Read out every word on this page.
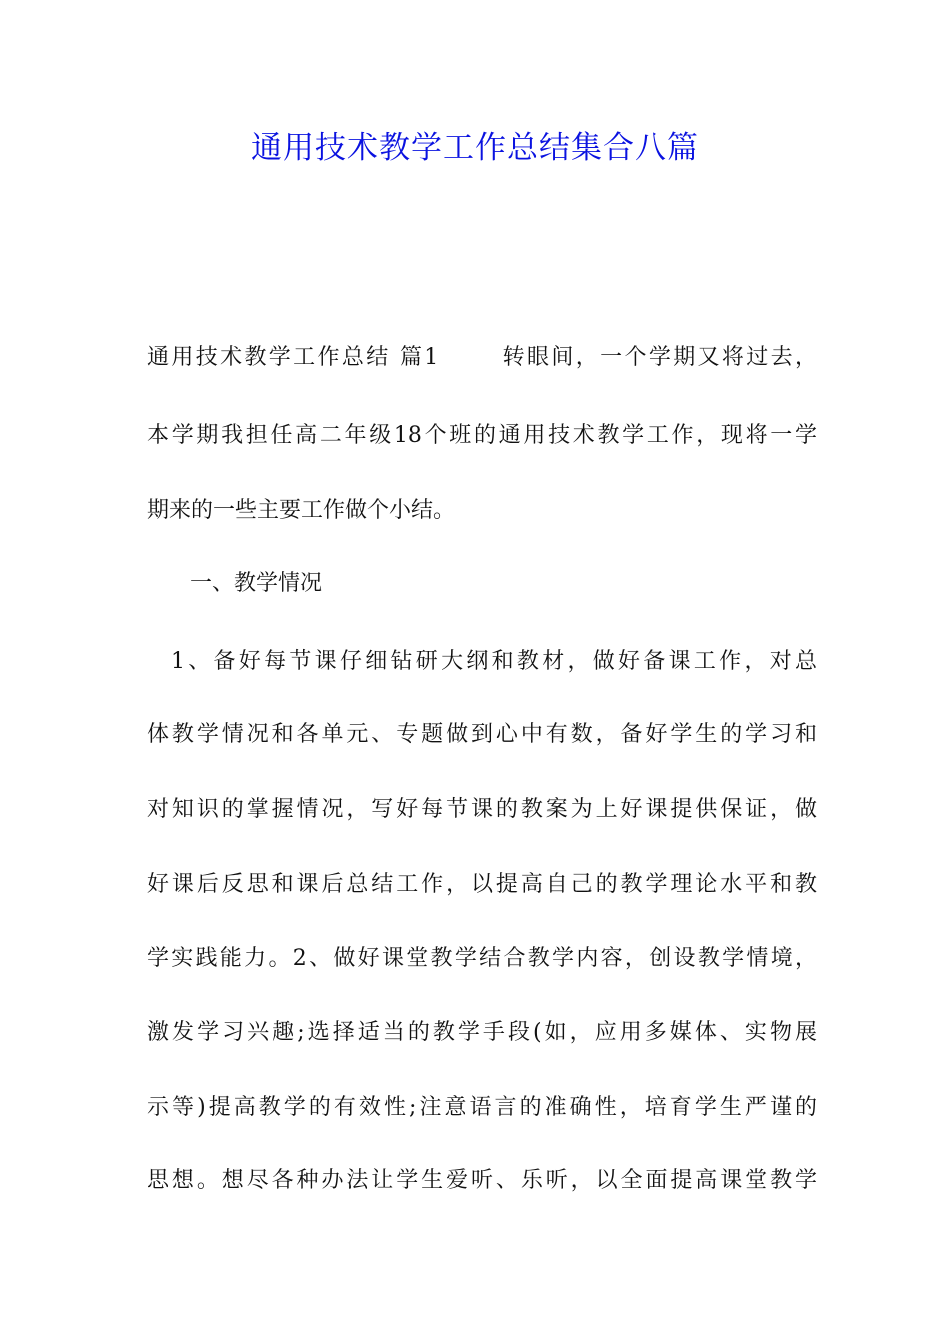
通用技术教学工作总结集合八篇
通用技术教学工作总结 篇1	转眼间，一个学期又将过去，
本学期我担任高二年级18个班的通用技术教学工作，现将一学
期来的一些主要工作做个小结。
一、教学情况
1、备好每节课仔细钻研大纲和教材，做好备课工作，对总
体教学情况和各单元、专题做到心中有数，备好学生的学习和
对知识的掌握情况，写好每节课的教案为上好课提供保证，做
好课后反思和课后总结工作，以提高自己的教学理论水平和教
学实践能力。2、做好课堂教学结合教学内容，创设教学情境，
激发学习兴趣;选择适当的教学手段(如，应用多媒体、实物展
示等)提高教学的有效性;注意语言的准确性，培育学生严谨的
思想。想尽各种办法让学生爱听、乐听，以全面提高课堂教学
